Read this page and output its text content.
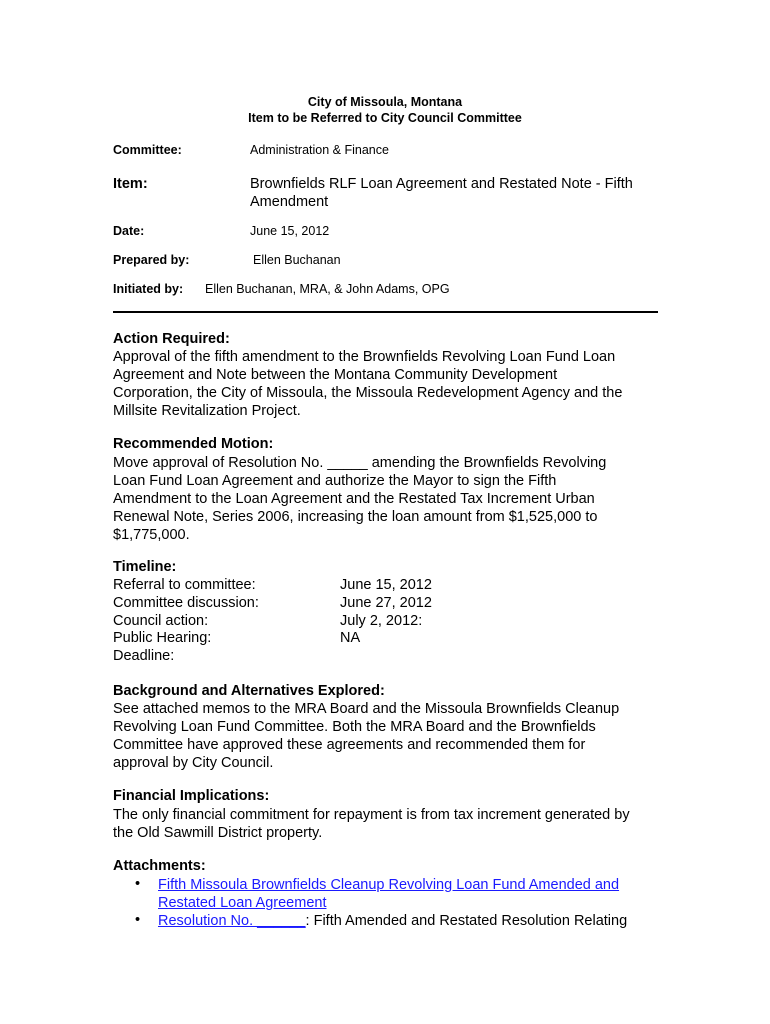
City of Missoula, Montana
Item to be Referred to City Council Committee
Committee:	Administration & Finance
Item:	Brownfields RLF Loan Agreement and Restated Note - Fifth
Amendment
Date:	June 15, 2012
Prepared by:	Ellen Buchanan
Initiated by: Ellen Buchanan, MRA, & John Adams, OPG
Action Required:
Approval of the fifth amendment to the Brownfields Revolving Loan Fund Loan
Agreement and Note between the Montana Community Development
Corporation, the City of Missoula, the Missoula Redevelopment Agency and the
Millsite Revitalization Project.
Recommended Motion:
Move approval of Resolution No. _____ amending the Brownfields Revolving
Loan Fund Loan Agreement and authorize the Mayor to sign the Fifth
Amendment to the Loan Agreement and the Restated Tax Increment Urban
Renewal Note, Series 2006, increasing the loan amount from $1,525,000 to
$1,775,000.
Timeline:
Referral to committee:	June 15, 2012
Committee discussion:	June 27, 2012
Council action:	July 2, 2012:
Public Hearing:	NA
Deadline:
Background and Alternatives Explored:
See attached memos to the MRA Board and the Missoula Brownfields Cleanup
Revolving Loan Fund Committee. Both the MRA Board and the Brownfields
Committee have approved these agreements and recommended them for
approval by City Council.
Financial Implications:
The only financial commitment for repayment is from tax increment generated by
the Old Sawmill District property.
Attachments:
• Fifth Missoula Brownfields Cleanup Revolving Loan Fund Amended and
Restated Loan Agreement
• Resolution No. ______: Fifth Amended and Restated Resolution Relating
